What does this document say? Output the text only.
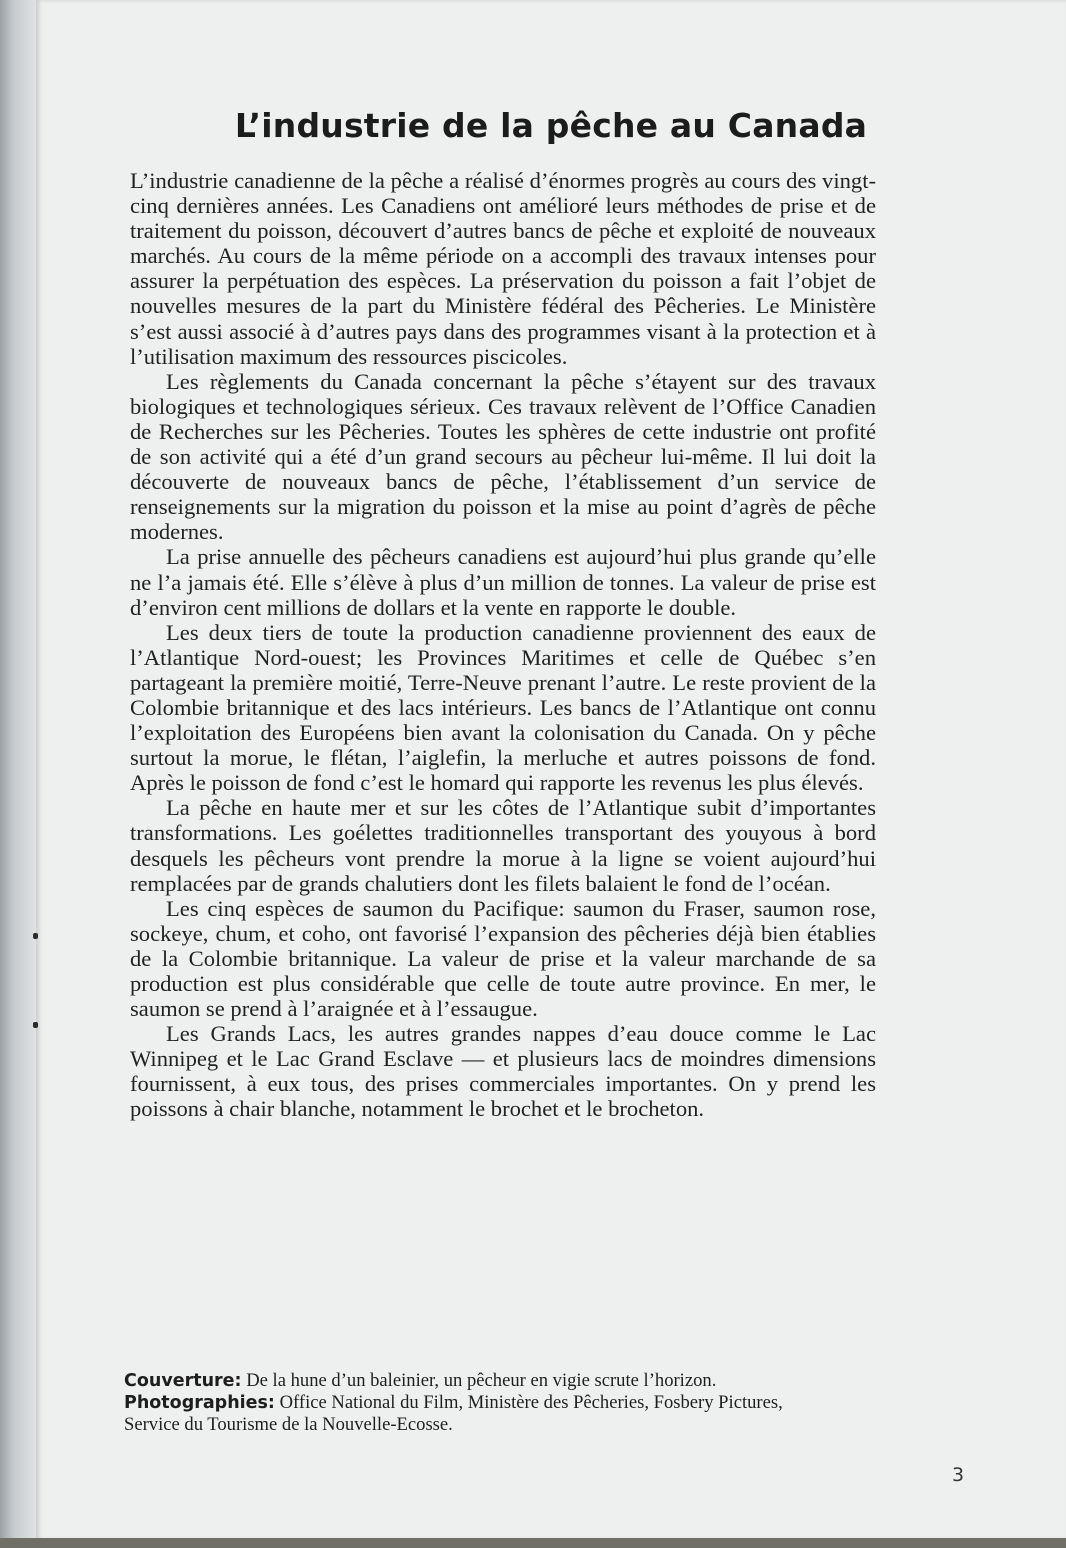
L’industrie de la pêche au Canada

L’industrie canadienne de la pêche a réalisé d’énormes progrès au cours des vingt-cinq dernières années. Les Canadiens ont amélioré leurs méthodes de prise et de traitement du poisson, découvert d’autres bancs de pêche et exploité de nouveaux marchés. Au cours de la même période on a accompli des travaux intenses pour assurer la perpétuation des espèces. La préservation du poisson a fait l’objet de nouvelles mesures de la part du Ministère fédéral des Pêcheries. Le Ministère s’est aussi associé à d’autres pays dans des programmes visant à la protection et à l’utilisation maximum des ressources piscicoles.

Les règlements du Canada concernant la pêche s’étayent sur des travaux biologiques et technologiques sérieux. Ces travaux relèvent de l’Office Canadien de Recherches sur les Pêcheries. Toutes les sphères de cette industrie ont profité de son activité qui a été d’un grand secours au pêcheur lui-même. Il lui doit la découverte de nouveaux bancs de pêche, l’établissement d’un service de renseignements sur la migration du poisson et la mise au point d’agrès de pêche modernes.

La prise annuelle des pêcheurs canadiens est aujourd’hui plus grande qu’elle ne l’a jamais été. Elle s’élève à plus d’un million de tonnes. La valeur de prise est d’environ cent millions de dollars et la vente en rapporte le double.

Les deux tiers de toute la production canadienne proviennent des eaux de l’Atlantique Nord-ouest; les Provinces Maritimes et celle de Québec s’en partageant la première moitié, Terre-Neuve prenant l’autre. Le reste provient de la Colombie britannique et des lacs intérieurs. Les bancs de l’Atlantique ont connu l’exploitation des Européens bien avant la colonisation du Canada. On y pêche surtout la morue, le flétan, l’aiglefin, la merluche et autres poissons de fond. Après le poisson de fond c’est le homard qui rapporte les revenus les plus élevés.

La pêche en haute mer et sur les côtes de l’Atlantique subit d’importantes transformations. Les goélettes traditionnelles transportant des youyous à bord desquels les pêcheurs vont prendre la morue à la ligne se voient aujourd’hui remplacées par de grands chalutiers dont les filets balaient le fond de l’océan.

Les cinq espèces de saumon du Pacifique: saumon du Fraser, saumon rose, sockeye, chum, et coho, ont favorisé l’expansion des pêcheries déjà bien établies de la Colombie britannique. La valeur de prise et la valeur marchande de sa production est plus considérable que celle de toute autre province. En mer, le saumon se prend à l’araignée et à l’essaugue.

Les Grands Lacs, les autres grandes nappes d’eau douce comme le Lac Winnipeg et le Lac Grand Esclave — et plusieurs lacs de moindres dimensions fournissent, à eux tous, des prises commerciales importantes. On y prend les poissons à chair blanche, notamment le brochet et le brocheton.

Couverture: De la hune d’un baleinier, un pêcheur en vigie scrute l’horizon.
Photographies: Office National du Film, Ministère des Pêcheries, Fosbery Pictures,
Service du Tourisme de la Nouvelle-Ecosse.
3
